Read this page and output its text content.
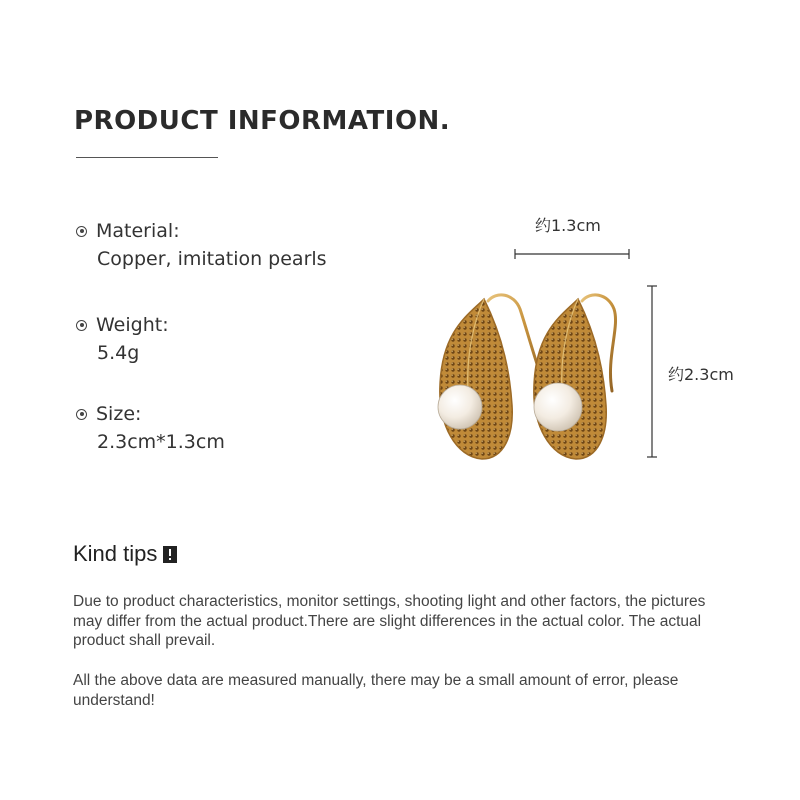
PRODUCT INFORMATION.
Material:
Copper, imitation pearls
Weight:
5.4g
Size:
2.3cm*1.3cm
约1.3cm
约2.3cm
Kind tips
Due to product characteristics, monitor settings, shooting light and other factors, the pictures may differ from the actual product.There are slight differences in the actual color. The actual product shall prevail.
All the above data are measured manually, there may be a small amount of error, please understand!
